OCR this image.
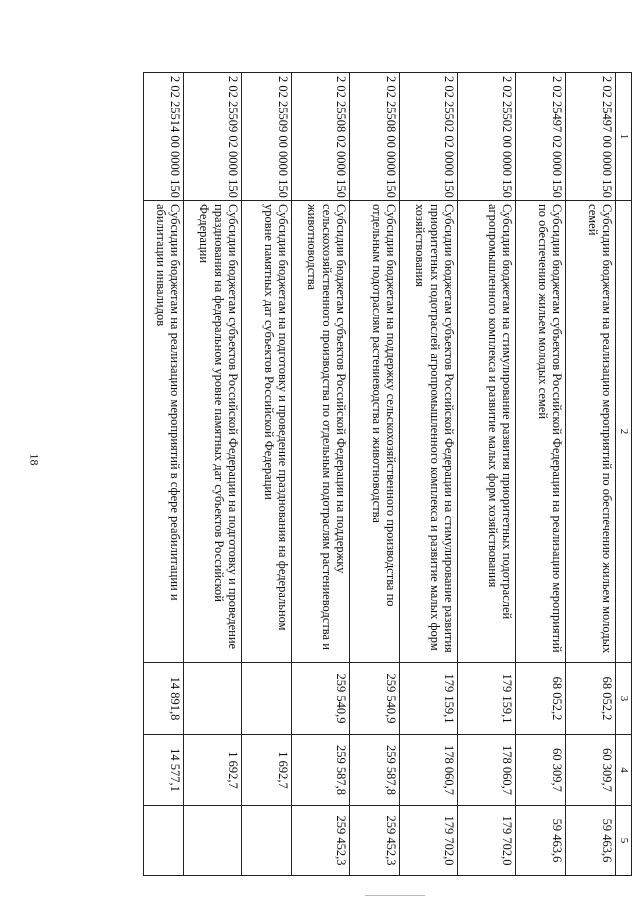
18
1	2	3	4	5
2 02 25497 00 0000 150	Субсидии бюджетам на реализацию мероприятий по обеспечению жильем молодых семей	68 052,2	60 309,7	59 463,6
2 02 25497 02 0000 150	Субсидии бюджетам субъектов Российской Федерации на реализацию мероприятий по обеспечению жильем молодых семей	68 052,2	60 309,7	59 463,6
2 02 25502 00 0000 150	Субсидии бюджетам на стимулирование развития приоритетных подотраслей агропромышленного комплекса и развитие малых форм хозяйствования	179 159,1	178 060,7	179 702,0
2 02 25502 02 0000 150	Субсидии бюджетам субъектов Российской Федерации на стимулирование развития приоритетных подотраслей агропромышленного комплекса и развитие малых форм хозяйствования	179 159,1	178 060,7	179 702,0
2 02 25508 00 0000 150	Субсидии бюджетам на поддержку сельскохозяйственного производства по отдельным подотраслям растениеводства и животноводства	259 540,9	259 587,8	259 452,3
2 02 25508 02 0000 150	Субсидии бюджетам субъектов Российской Федерации на поддержку сельскохозяйственного производства по отдельным подотраслям растениеводства и животноводства	259 540,9	259 587,8	259 452,3
2 02 25509 00 0000 150	Субсидии бюджетам на подготовку и проведение празднования на федеральном уровне памятных дат субъектов Российской Федерации		1 692,7	
2 02 25509 02 0000 150	Субсидии бюджетам субъектов Российской Федерации на подготовку и проведение празднования на федеральном уровне памятных дат субъектов Российской Федерации		1 692,7	
2 02 25514 00 0000 150	Субсидии бюджетам на реализацию мероприятий в сфере реабилитации и абилитации инвалидов	14 891,8	14 577,1	
